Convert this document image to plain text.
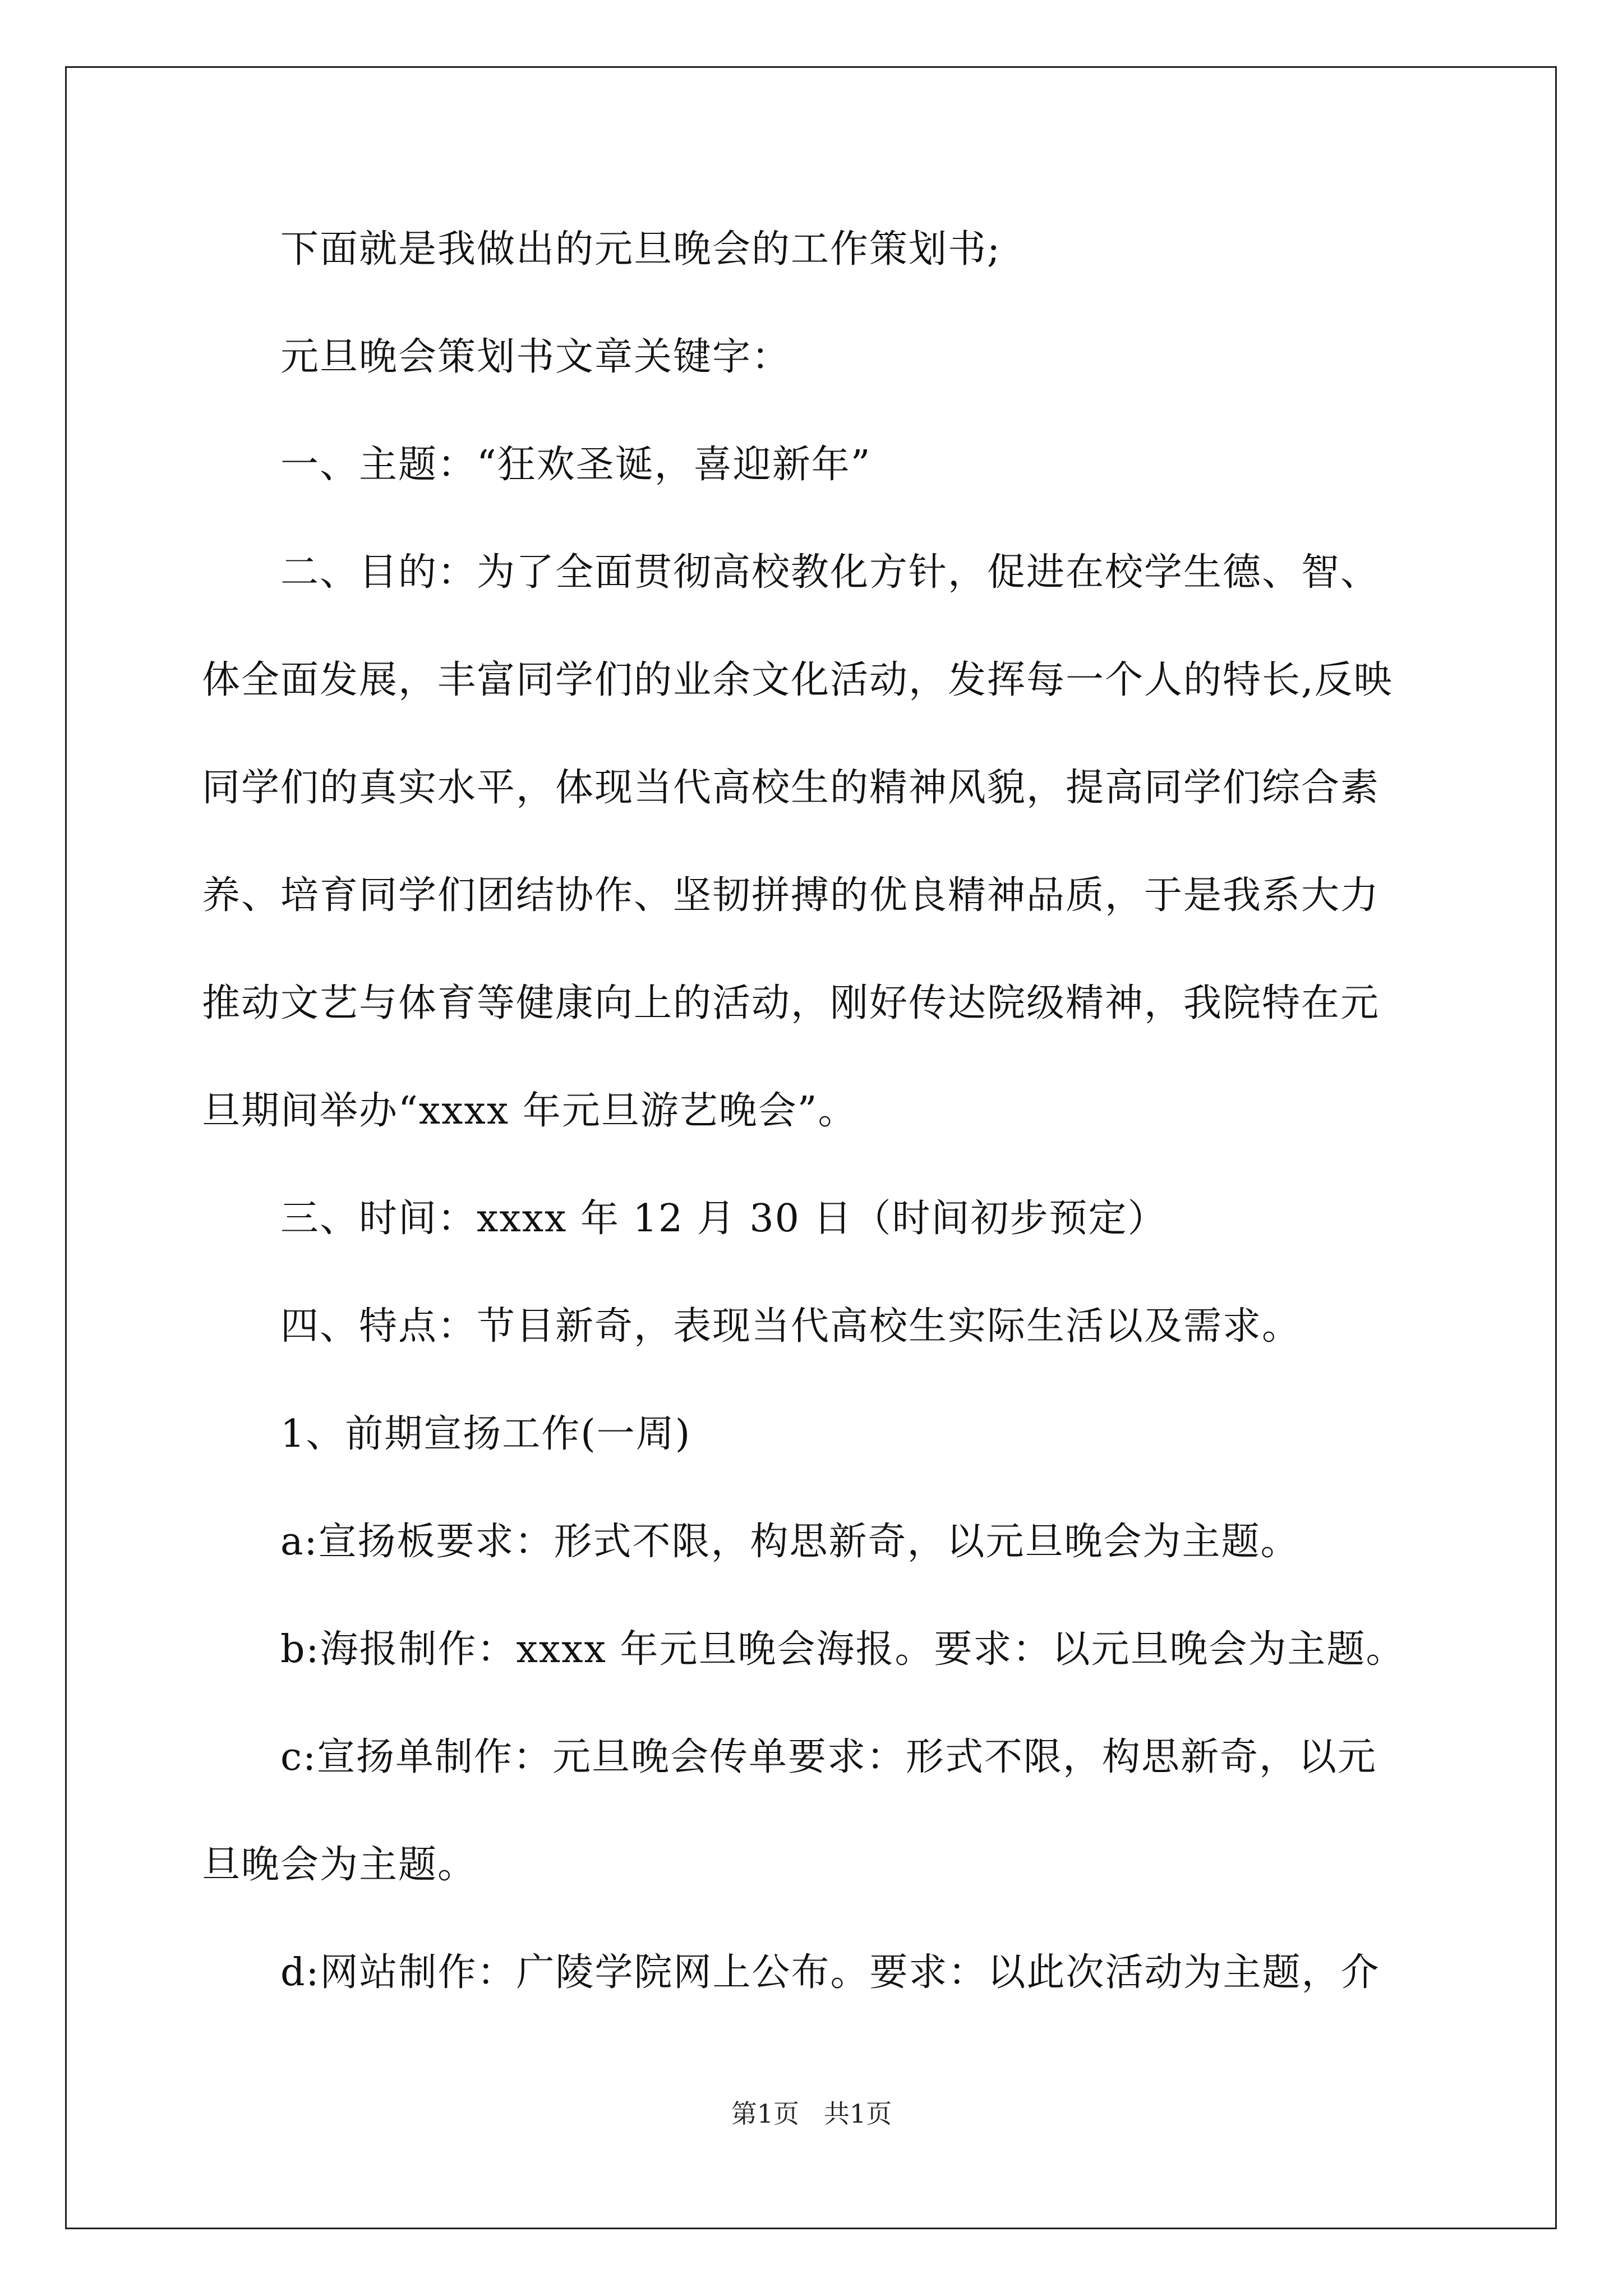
下面就是我做出的元旦晚会的工作策划书;
元旦晚会策划书文章关键字：
一、主题：“狂欢圣诞，喜迎新年”
二、目的：为了全面贯彻高校教化方针，促进在校学生德、智、
体全面发展，丰富同学们的业余文化活动，发挥每一个人的特长,反映
同学们的真实水平，体现当代高校生的精神风貌，提高同学们综合素
养、培育同学们团结协作、坚韧拼搏的优良精神品质，于是我系大力
推动文艺与体育等健康向上的活动，刚好传达院级精神，我院特在元
旦期间举办“xxxx 年元旦游艺晚会”。
三、时间：xxxx 年 12 月 30 日（时间初步预定）
四、特点：节目新奇，表现当代高校生实际生活以及需求。
1、前期宣扬工作(一周)
a:宣扬板要求：形式不限，构思新奇，以元旦晚会为主题。
b:海报制作：xxxx 年元旦晚会海报。要求：以元旦晚会为主题。
c:宣扬单制作：元旦晚会传单要求：形式不限，构思新奇，以元
旦晚会为主题。
d:网站制作：广陵学院网上公布。要求：以此次活动为主题，介
第1页 共1页
